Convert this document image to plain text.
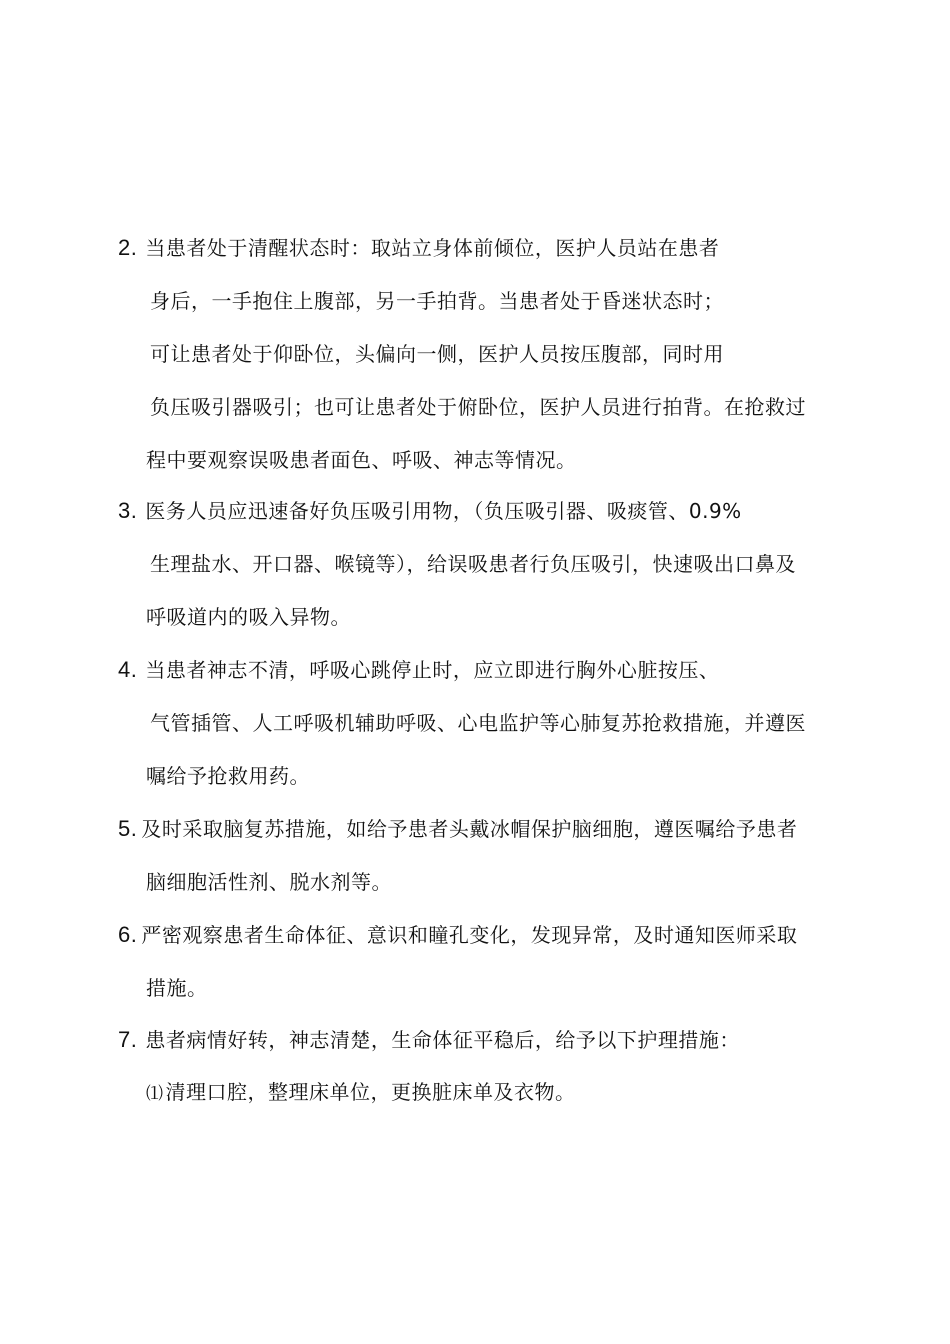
2. 当患者处于清醒状态时：取站立身体前倾位，医护人员站在患者
身后，一手抱住上腹部，另一手拍背。当患者处于昏迷状态时；
可让患者处于仰卧位，头偏向一侧，医护人员按压腹部，同时用
负压吸引器吸引；也可让患者处于俯卧位，医护人员进行拍背。在抢救过
程中要观察误吸患者面色、呼吸、神志等情况。
3. 医务人员应迅速备好负压吸引用物，（负压吸引器、吸痰管、0.9%
生理盐水、开口器、喉镜等），给误吸患者行负压吸引，快速吸出口鼻及
呼吸道内的吸入异物。
4. 当患者神志不清，呼吸心跳停止时，应立即进行胸外心脏按压、
气管插管、人工呼吸机辅助呼吸、心电监护等心肺复苏抢救措施，并遵医
嘱给予抢救用药。
5. 及时采取脑复苏措施，如给予患者头戴冰帽保护脑细胞，遵医嘱给予患者
脑细胞活性剂、脱水剂等。
6. 严密观察患者生命体征、意识和瞳孔变化，发现异常，及时通知医师采取
措施。
7. 患者病情好转，神志清楚，生命体征平稳后，给予以下护理措施：
⑴ 清理口腔，整理床单位，更换脏床单及衣物。
